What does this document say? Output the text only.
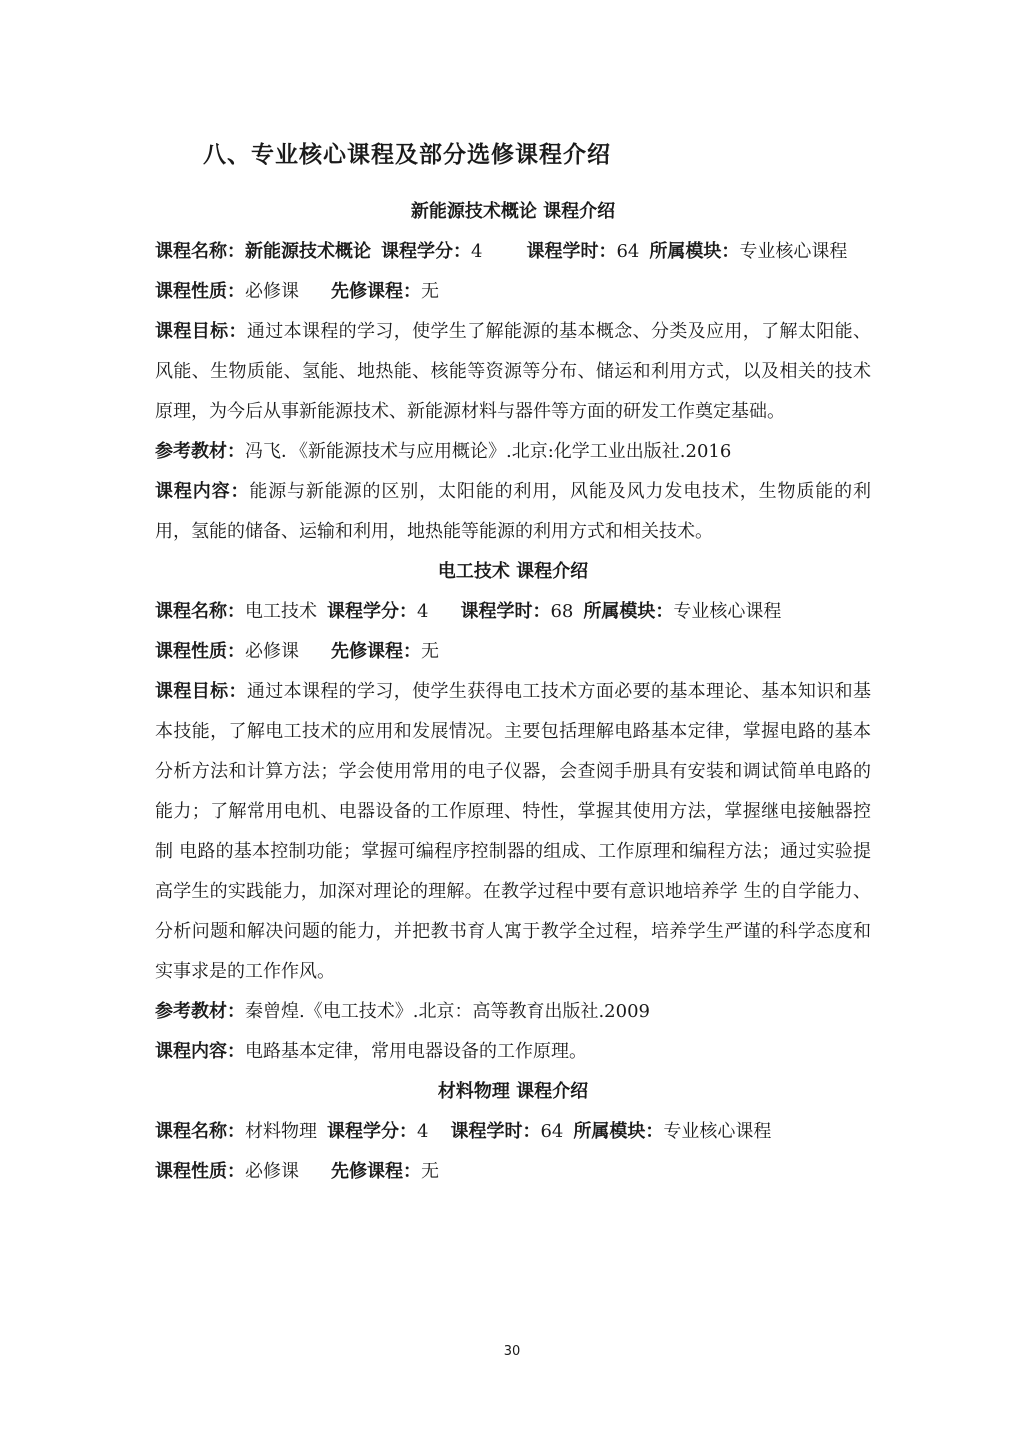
八、专业核心课程及部分选修课程介绍
新能源技术概论 课程介绍

课程名称：新能源技术概论 课程学分：4 课程学时：64 所属模块：专业核心课程

课程性质：必修课 先修课程：无

课程目标：通过本课程的学习，使学生了解能源的基本概念、分类及应用，了解太阳能、风能、生物质能、氢能、地热能、核能等资源等分布、储运和利用方式，以及相关的技术原理，为今后从事新能源技术、新能源材料与器件等方面的研发工作奠定基础。

参考教材：冯飞．《新能源技术与应用概论》.北京:化学工业出版社.2016

课程内容：能源与新能源的区别，太阳能的利用，风能及风力发电技术，生物质能的利用，氢能的储备、运输和利用，地热能等能源的利用方式和相关技术。

电工技术 课程介绍

课程名称：电工技术 课程学分：4 课程学时：68 所属模块：专业核心课程

课程性质：必修课 先修课程：无

课程目标：通过本课程的学习，使学生获得电工技术方面必要的基本理论、基本知识和基本技能，了解电工技术的应用和发展情况。主要包括理解电路基本定律，掌握电路的基本分析方法和计算方法；学会使用常用的电子仪器，会查阅手册具有安装和调试简单电路的能力；了解常用电机、电器设备的工作原理、特性，掌握其使用方法，掌握继电接触器控制 电路的基本控制功能；掌握可编程序控制器的组成、工作原理和编程方法；通过实验提高学生的实践能力，加深对理论的理解。在教学过程中要有意识地培养学 生的自学能力、分析问题和解决问题的能力，并把教书育人寓于教学全过程，培养学生严谨的科学态度和实事求是的工作作风。

参考教材：秦曾煌.《电工技术》.北京：高等教育出版社.2009

课程内容：电路基本定律，常用电器设备的工作原理。

材料物理 课程介绍

课程名称：材料物理 课程学分：4 课程学时：64 所属模块：专业核心课程

课程性质：必修课 先修课程：无

30
